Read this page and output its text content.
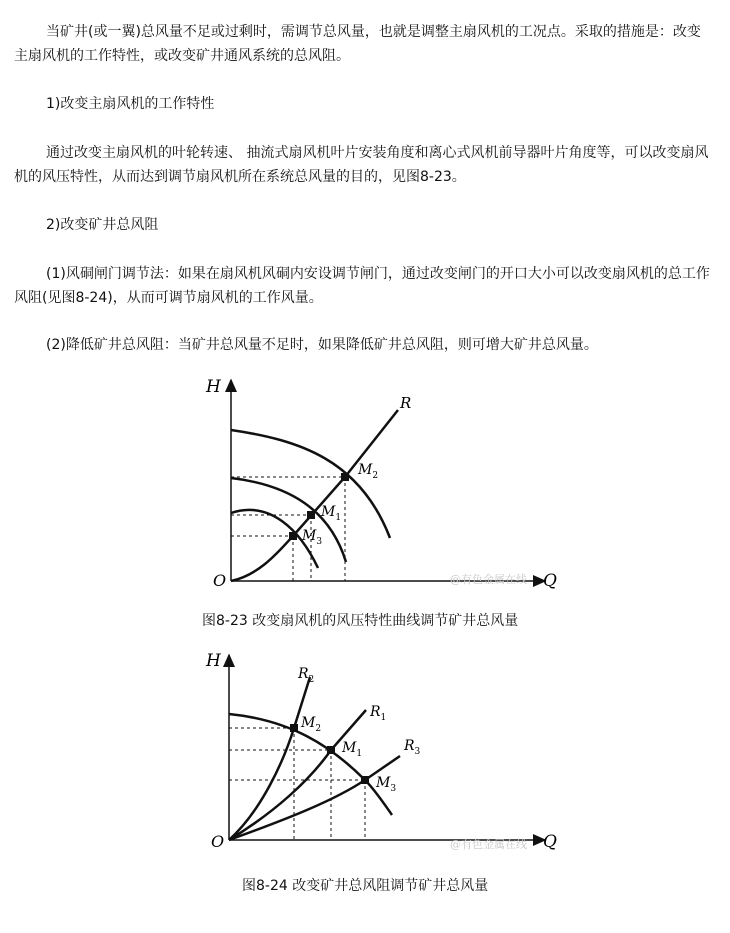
当矿井(或一翼)总风量不足或过剩时，需调节总风量，也就是调整主扇风机的工况点。采取的措施是：改变主扇风机的工作特性，或改变矿井通风系统的总风阻。

1)改变主扇风机的工作特性

通过改变主扇风机的叶轮转速、 抽流式扇风机叶片安装角度和离心式风机前导器叶片角度等，可以改变扇风机的风压特性，从而达到调节扇风机所在系统总风量的目的，见图8-23。

2)改变矿井总风阻

(1)风硐闸门调节法：如果在扇风机风硐内安设调节闸门，通过改变闸门的开口大小可以改变扇风机的总工作风阻(见图8-24)，从而可调节扇风机的工作风量。

(2)降低矿井总风阻：当矿井总风量不足时，如果降低矿井总风阻，则可增大矿井总风量。

H
Q
O
R
$M_2$
$M_1$
$M_3$
@有色金属在线
图8-23 改变扇风机的风压特性曲线调节矿井总风量
H
Q
O
$R_2$
$R_1$
$R_3$
$M_2$
$M_1$
$M_3$
@有色金属在线
图8-24 改变矿井总风阻调节矿井总风量
